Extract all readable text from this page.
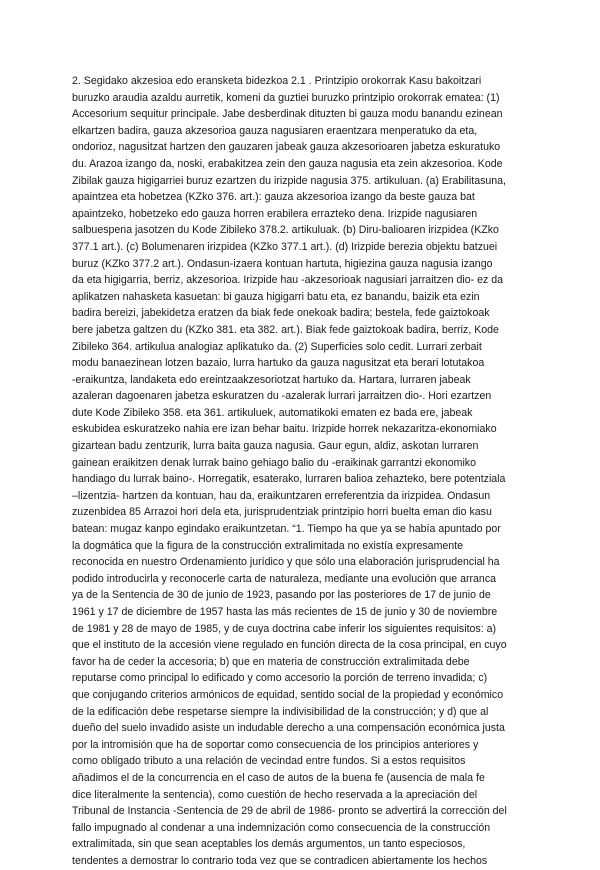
2. Segidako akzesioa edo eransketa bidezkoa 2.1 . Printzipio orokorrak Kasu bakoitzari
buruzko araudia azaldu aurretik, komeni da guztiei buruzko printzipio orokorrak ematea: (1)
Accesorium sequitur principale. Jabe desberdinak dituzten bi gauza modu banandu ezinean
elkartzen badira, gauza akzesorioa gauza nagusiaren eraentzara menperatuko da eta,
ondorioz, nagusitzat hartzen den gauzaren jabeak gauza akzesorioaren jabetza eskuratuko
du. Arazoa izango da, noski, erabakitzea zein den gauza nagusia eta zein akzesorioa. Kode
Zibilak gauza higigarriei buruz ezartzen du irizpide nagusia 375. artikuluan. (a) Erabilitasuna,
apaintzea eta hobetzea (KZko 376. art.): gauza akzesorioa izango da beste gauza bat
apaintzeko, hobetzeko edo gauza horren erabilera errazteko dena. Irizpide nagusiaren
salbuespena jasotzen du Kode Zibileko 378.2. artikuluak. (b) Diru-balioaren irizpidea (KZko
377.1 art.). (c) Bolumenaren irizpidea (KZko 377.1 art.). (d) Irizpide berezia objektu batzuei
buruz (KZko 377.2 art.). Ondasun-izaera kontuan hartuta, higiezina gauza nagusia izango
da eta higigarria, berriz, akzesorioa. Irizpide hau -akzesorioak nagusiari jarraitzen dio- ez da
aplikatzen nahasketa kasuetan: bi gauza higigarri batu eta, ez banandu, baizik eta ezin
badira bereizi, jabekidetza eratzen da biak fede onekoak badira; bestela, fede gaiztokoak
bere jabetza galtzen du (KZko 381. eta 382. art.). Biak fede gaiztokoak badira, berriz, Kode
Zibileko 364. artikulua analogiaz aplikatuko da. (2) Superficies solo cedit. Lurrari zerbait
modu banaezinean lotzen bazaio, lurra hartuko da gauza nagusitzat eta berari lotutakoa
-eraikuntza, landaketa edo ereintzaakzesoriotzat hartuko da. Hartara, lurraren jabeak
azaleran dagoenaren jabetza eskuratzen du -azalerak lurrari jarraitzen dio-. Hori ezartzen
dute Kode Zibileko 358. eta 361. artikuluek, automatikoki ematen ez bada ere, jabeak
eskubidea eskuratzeko nahia ere izan behar baitu. Irizpide horrek nekazaritza-ekonomiako
gizartean badu zentzurik, lurra baita gauza nagusia. Gaur egun, aldiz, askotan lurraren
gainean eraikitzen denak lurrak baino gehiago balio du -eraikinak garrantzi ekonomiko
handiago du lurrak baino-. Horregatik, esaterako, lurraren balioa zehazteko, bere potentziala
–lizentzia- hartzen da kontuan, hau da, eraikuntzaren erreferentzia da irizpidea. Ondasun
zuzenbideа 85 Arrazoi hori dela eta, jurisprudentziak printzipio horri bueltа eman dio kasu
batean: mugaz kanpo egindako eraikuntzetan. “1. Tiempo ha que ya se había apuntado por
la dogmática que la figura de la construcción extralimitada no existía expresamente
reconocida en nuestro Ordenamiento jurídico y que sólo una elaboración jurisprudencial ha
podido introducirla y reconocerle carta de naturaleza, mediante una evolución que arranca
ya de la Sentencia de 30 de junio de 1923, pasando por las posteriores de 17 de junio de
1961 y 17 de diciembre de 1957 hasta las más recientes de 15 de junio y 30 de noviembre
de 1981 y 28 de mayo de 1985, y de cuya doctrina cabe inferir los siguientes requisitos: a)
que el instituto de la accesión viene regulado en función directa de la cosa principal, en cuyo
favor ha de ceder la accesoria; b) que en materia de construcción extralimitada debe
reputarse como principal lo edificado y como accesorio la porción de terreno invadida; c)
que conjugando criterios armónicos de equidad, sentido social de la propiedad y económico
de la edificación debe respetarse siempre la indivisibilidad de la construcción; y d) que al
dueño del suelo invadido asiste un indudable derecho a una compensación económica justa
por la intromisión que ha de soportar como consecuencia de los principios anteriores y
como obligado tributo a una relación de vecindad entre fundos. Si a estos requisitos
añadimos el de la concurrencia en el caso de autos de la buena fe (ausencia de mala fe
dice literalmente la sentencia), como cuestión de hecho reservada a la apreciación del
Tribunal de Instancia -Sentencia de 29 de abril de 1986- pronto se advertirá la corrección del
fallo impugnado al condenar a una indemnización como consecuencia de la construcción
extralimitada, sin que sean aceptables los demás argumentos, un tanto especiosos,
tendentes a demostrar lo contrario toda vez que se contradicen abiertamente los hechos
